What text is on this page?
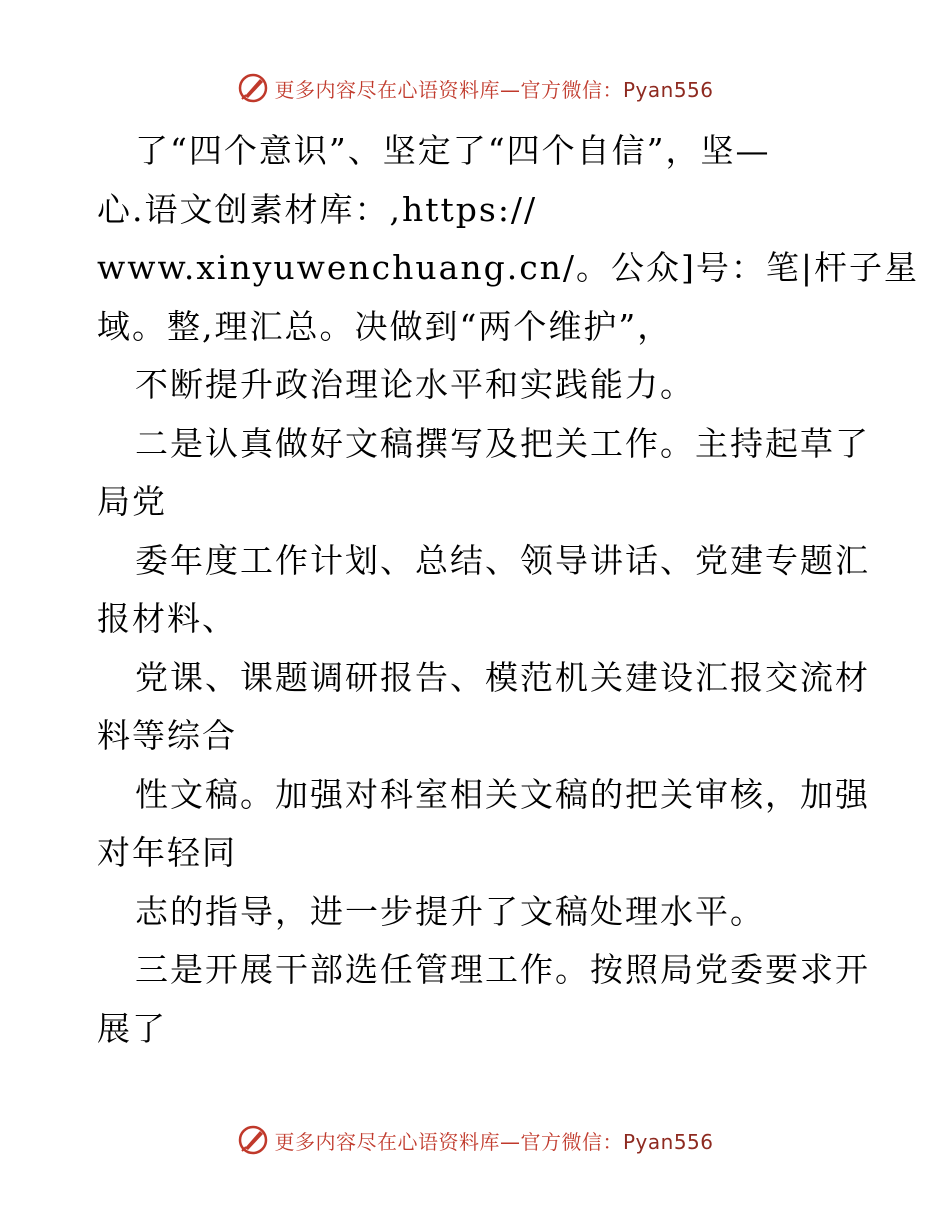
更多内容尽在心语资料库—官方微信：Pyan556
了“四个意识”、坚定了“四个自信”，坚—
心.语文创素材库：,https://
www.xinyuwenchuang.cn/。公众]号：笔|杆子星
域。整,理汇总。决做到“两个维护”，
不断提升政治理论水平和实践能力。
二是认真做好文稿撰写及把关工作。主持起草了
局党
委年度工作计划、总结、领导讲话、党建专题汇
报材料、
党课、课题调研报告、模范机关建设汇报交流材
料等综合
性文稿。加强对科室相关文稿的把关审核，加强
对年轻同
志的指导，进一步提升了文稿处理水平。
三是开展干部选任管理工作。按照局党委要求开
展了
更多内容尽在心语资料库—官方微信：Pyan556
